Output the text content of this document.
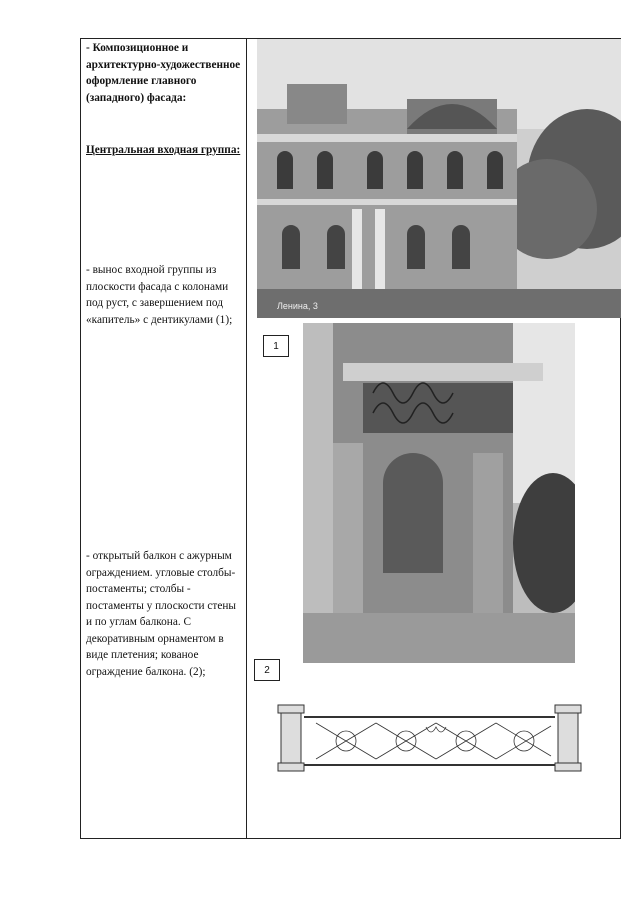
- Композиционное и архитектурно-художественное оформление главного (западного) фасада:
Центральная входная группа:
- вынос входной группы из плоскости фасада с колонами под руст, с завершением под «капитель» с дентикулами (1);
- открытый балкон с ажурным ограждением. угловые столбы-постаменты; столбы - постаменты у плоскости стены и по углам балкона. С декоративным орнаментом в виде плетения; кованое ограждение балкона. (2);
Ленина, 3
1
2
